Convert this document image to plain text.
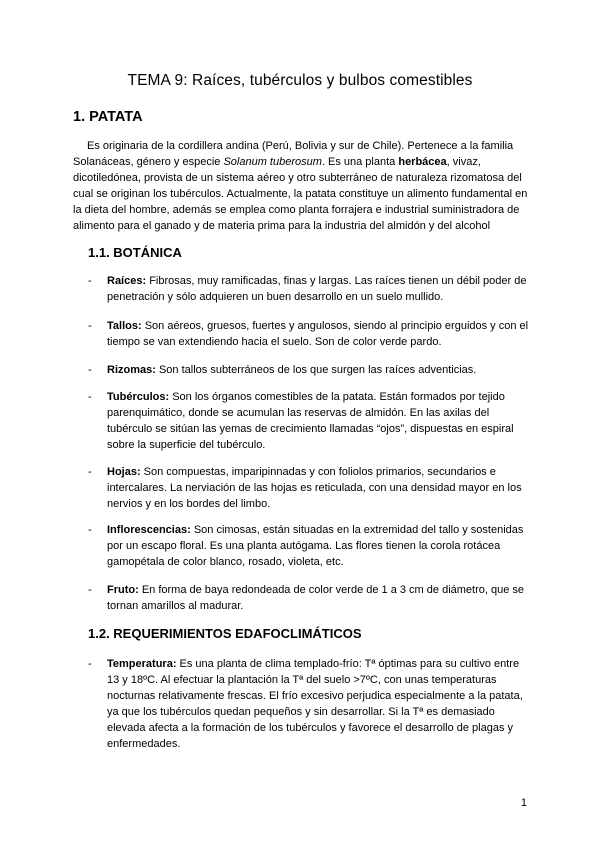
TEMA 9: Raíces, tubérculos y bulbos comestibles
1. PATATA

Es originaria de la cordillera andina (Perú, Bolivia y sur de Chile). Pertenece a la familia Solanáceas, género y especie Solanum tuberosum. Es una planta herbácea, vivaz, dicotiledónea, provista de un sistema aéreo y otro subterráneo de naturaleza rizomatosa del cual se originan los tubérculos. Actualmente, la patata constituye un alimento fundamental en la dieta del hombre, además se emplea como planta forrajera e industrial suministradora de alimento para el ganado y de materia prima para la industria del almidón y del alcohol

1.1. BOTÁNICA
- Raíces: Fibrosas, muy ramificadas, finas y largas. Las raíces tienen un débil poder de penetración y sólo adquieren un buen desarrollo en un suelo mullido.
- Tallos: Son aéreos, gruesos, fuertes y angulosos, siendo al principio erguidos y con el tiempo se van extendiendo hacia el suelo. Son de color verde pardo.
- Rizomas: Son tallos subterráneos de los que surgen las raíces adventicias.
- Tubérculos: Son los órganos comestibles de la patata. Están formados por tejido parenquimático, donde se acumulan las reservas de almidón. En las axilas del tubérculo se sitúan las yemas de crecimiento llamadas “ojos”, dispuestas en espiral sobre la superficie del tubérculo.
- Hojas: Son compuestas, imparipinnadas y con foliolos primarios, secundarios e intercalares. La nerviación de las hojas es reticulada, con una densidad mayor en los nervios y en los bordes del limbo.
- Inflorescencias: Son cimosas, están situadas en la extremidad del tallo y sostenidas por un escapo floral. Es una planta autógama. Las flores tienen la corola rotácea gamopétala de color blanco, rosado, violeta, etc.
- Fruto: En forma de baya redondeada de color verde de 1 a 3 cm de diámetro, que se tornan amarillos al madurar.
1.2. REQUERIMIENTOS EDAFOCLIMÁTICOS
- Temperatura: Es una planta de clima templado-frío: Tª óptimas para su cultivo entre 13 y 18ºC. Al efectuar la plantación la Tª del suelo >7ºC, con unas temperaturas nocturnas relativamente frescas. El frío excesivo perjudica especialmente a la patata, ya que los tubérculos quedan pequeños y sin desarrollar. Si la Tª es demasiado elevada afecta a la formación de los tubérculos y favorece el desarrollo de plagas y enfermedades.
1
